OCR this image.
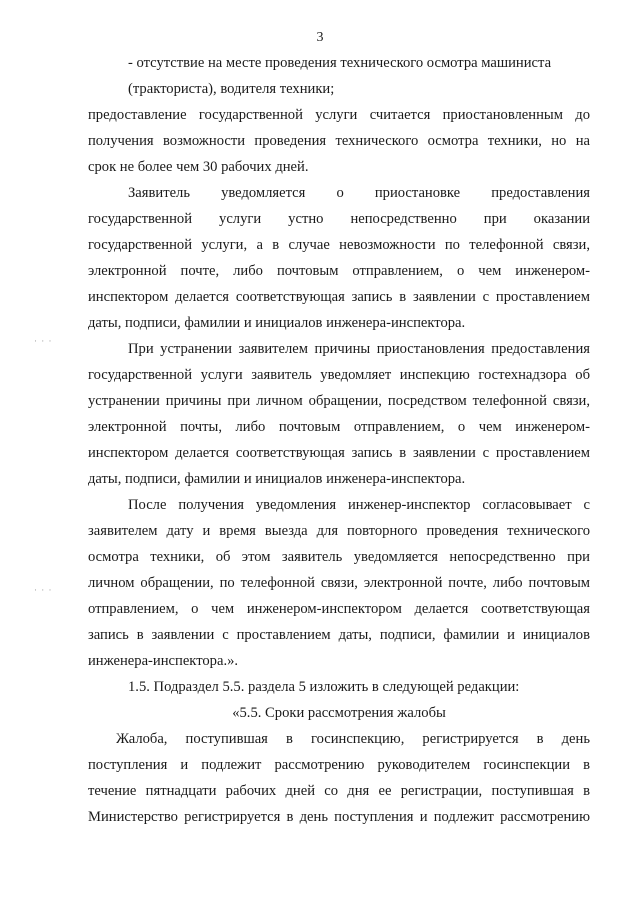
3
· · ·
· · ·
- отсутствие на месте проведения технического осмотра машиниста
(тракториста), водителя техники;
предоставление государственной услуги считается приостановленным до
получения возможности проведения технического осмотра техники, но на
срок не более чем 30 рабочих дней.
Заявитель уведомляется о приостановке предоставления
государственной услуги устно непосредственно при оказании
государственной услуги, а в случае невозможности по телефонной связи,
электронной почте, либо почтовым отправлением, о чем инженером-
инспектором делается соответствующая запись в заявлении с проставлением
даты, подписи, фамилии и инициалов инженера-инспектора.
При устранении заявителем причины приостановления предоставления
государственной услуги заявитель уведомляет инспекцию гостехнадзора об
устранении причины при личном обращении, посредством телефонной связи,
электронной почты, либо почтовым отправлением, о чем инженером-
инспектором делается соответствующая запись в заявлении с проставлением
даты, подписи, фамилии и инициалов инженера-инспектора.
После получения уведомления инженер-инспектор согласовывает с
заявителем дату и время выезда для повторного проведения технического
осмотра техники, об этом заявитель уведомляется непосредственно при
личном обращении, по телефонной связи, электронной почте, либо почтовым
отправлением, о чем инженером-инспектором делается соответствующая
запись в заявлении с проставлением даты, подписи, фамилии и инициалов
инженера-инспектора.».
1.5. Подраздел 5.5. раздела 5 изложить в следующей редакции:
«5.5. Сроки рассмотрения жалобы
Жалоба, поступившая в госинспекцию, регистрируется в день
поступления и подлежит рассмотрению руководителем госинспекции в
течение пятнадцати рабочих дней со дня ее регистрации, поступившая в
Министерство регистрируется в день поступления и подлежит рассмотрению
